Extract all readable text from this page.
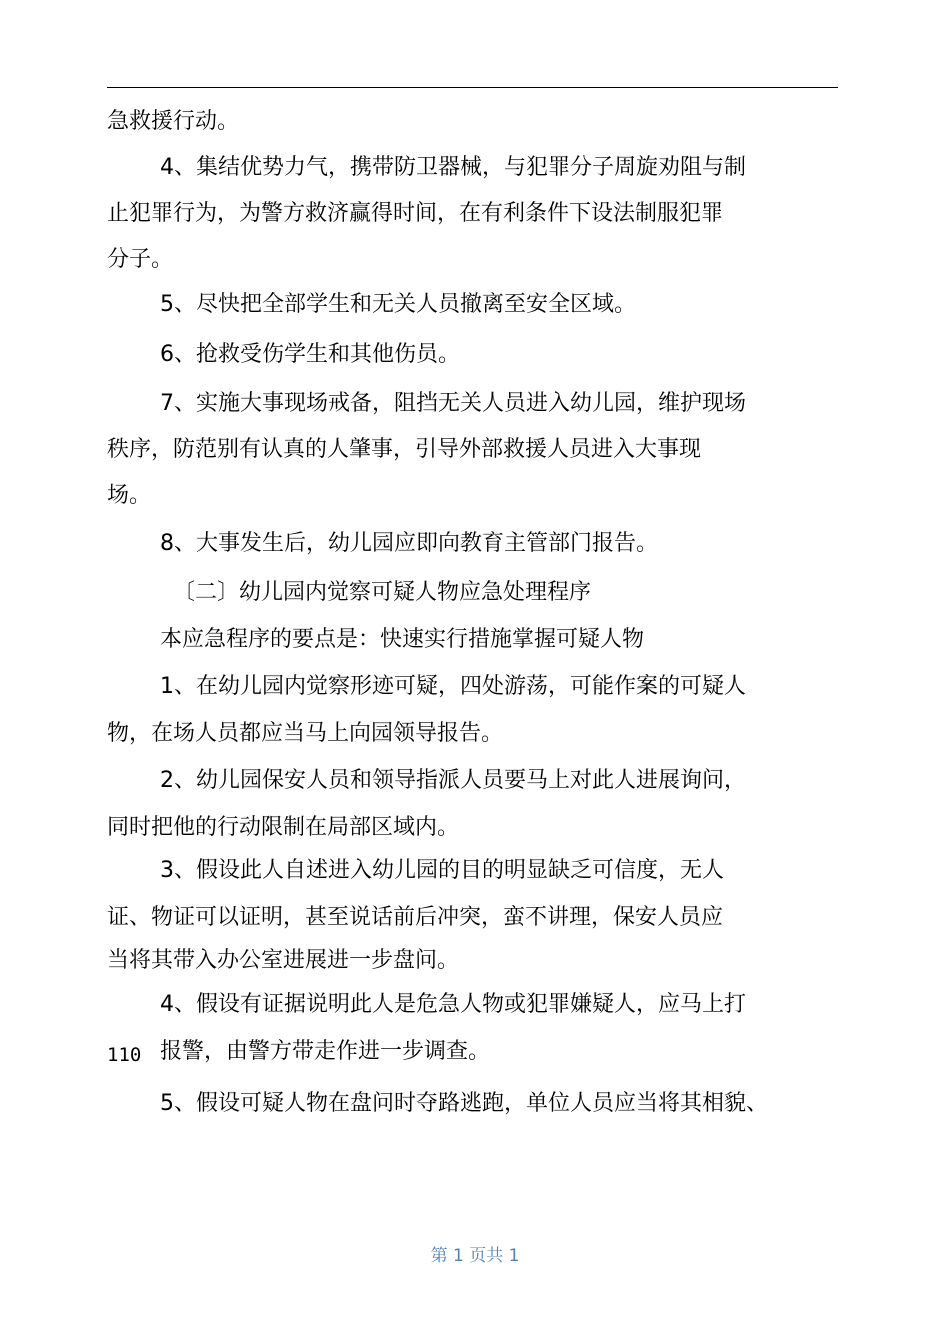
急救援行动。
4、集结优势力气，携带防卫器械，与犯罪分子周旋劝阻与制
止犯罪行为，为警方救济赢得时间，在有利条件下设法制服犯罪
分子。
5、尽快把全部学生和无关人员撤离至安全区域。
6、抢救受伤学生和其他伤员。
7、实施大事现场戒备，阻挡无关人员进入幼儿园，维护现场
秩序，防范别有认真的人肇事，引导外部救援人员进入大事现
场。
8、大事发生后，幼儿园应即向教育主管部门报告。
〔二〕幼儿园内觉察可疑人物应急处理程序
本应急程序的要点是：快速实行措施掌握可疑人物
1、在幼儿园内觉察形迹可疑，四处游荡，可能作案的可疑人
物，在场人员都应当马上向园领导报告。
2、幼儿园保安人员和领导指派人员要马上对此人进展询问，
同时把他的行动限制在局部区域内。
3、假设此人自述进入幼儿园的目的明显缺乏可信度，无人
证、物证可以证明，甚至说话前后冲突，蛮不讲理，保安人员应
当将其带入办公室进展进一步盘问。
4、假设有证据说明此人是危急人物或犯罪嫌疑人，应马上打
110 报警，由警方带走作进一步调查。
5、假设可疑人物在盘问时夺路逃跑，单位人员应当将其相貌、
第 1 页共 1
